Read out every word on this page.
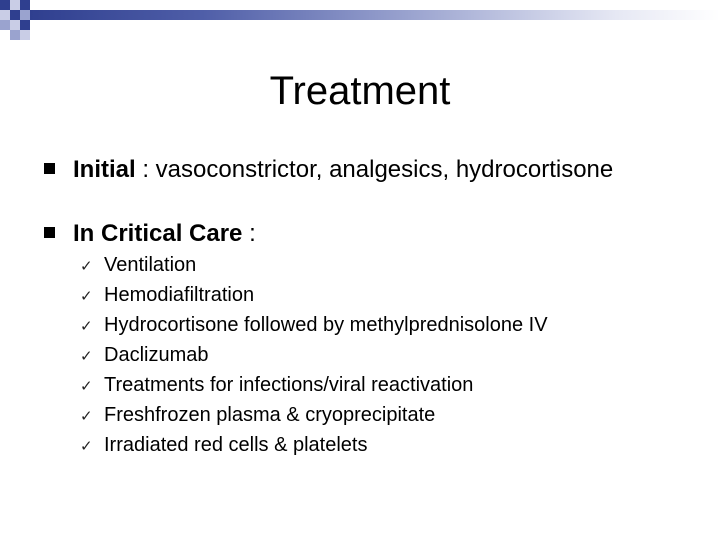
Treatment
Initial : vasoconstrictor, analgesics, hydrocortisone
In Critical Care :
✓ Ventilation
✓ Hemodiafiltration
✓ Hydrocortisone followed by methylprednisolone IV
✓ Daclizumab
✓ Treatments for infections/viral reactivation
✓ Freshfrozen plasma & cryoprecipitate
✓ Irradiated red cells & platelets
